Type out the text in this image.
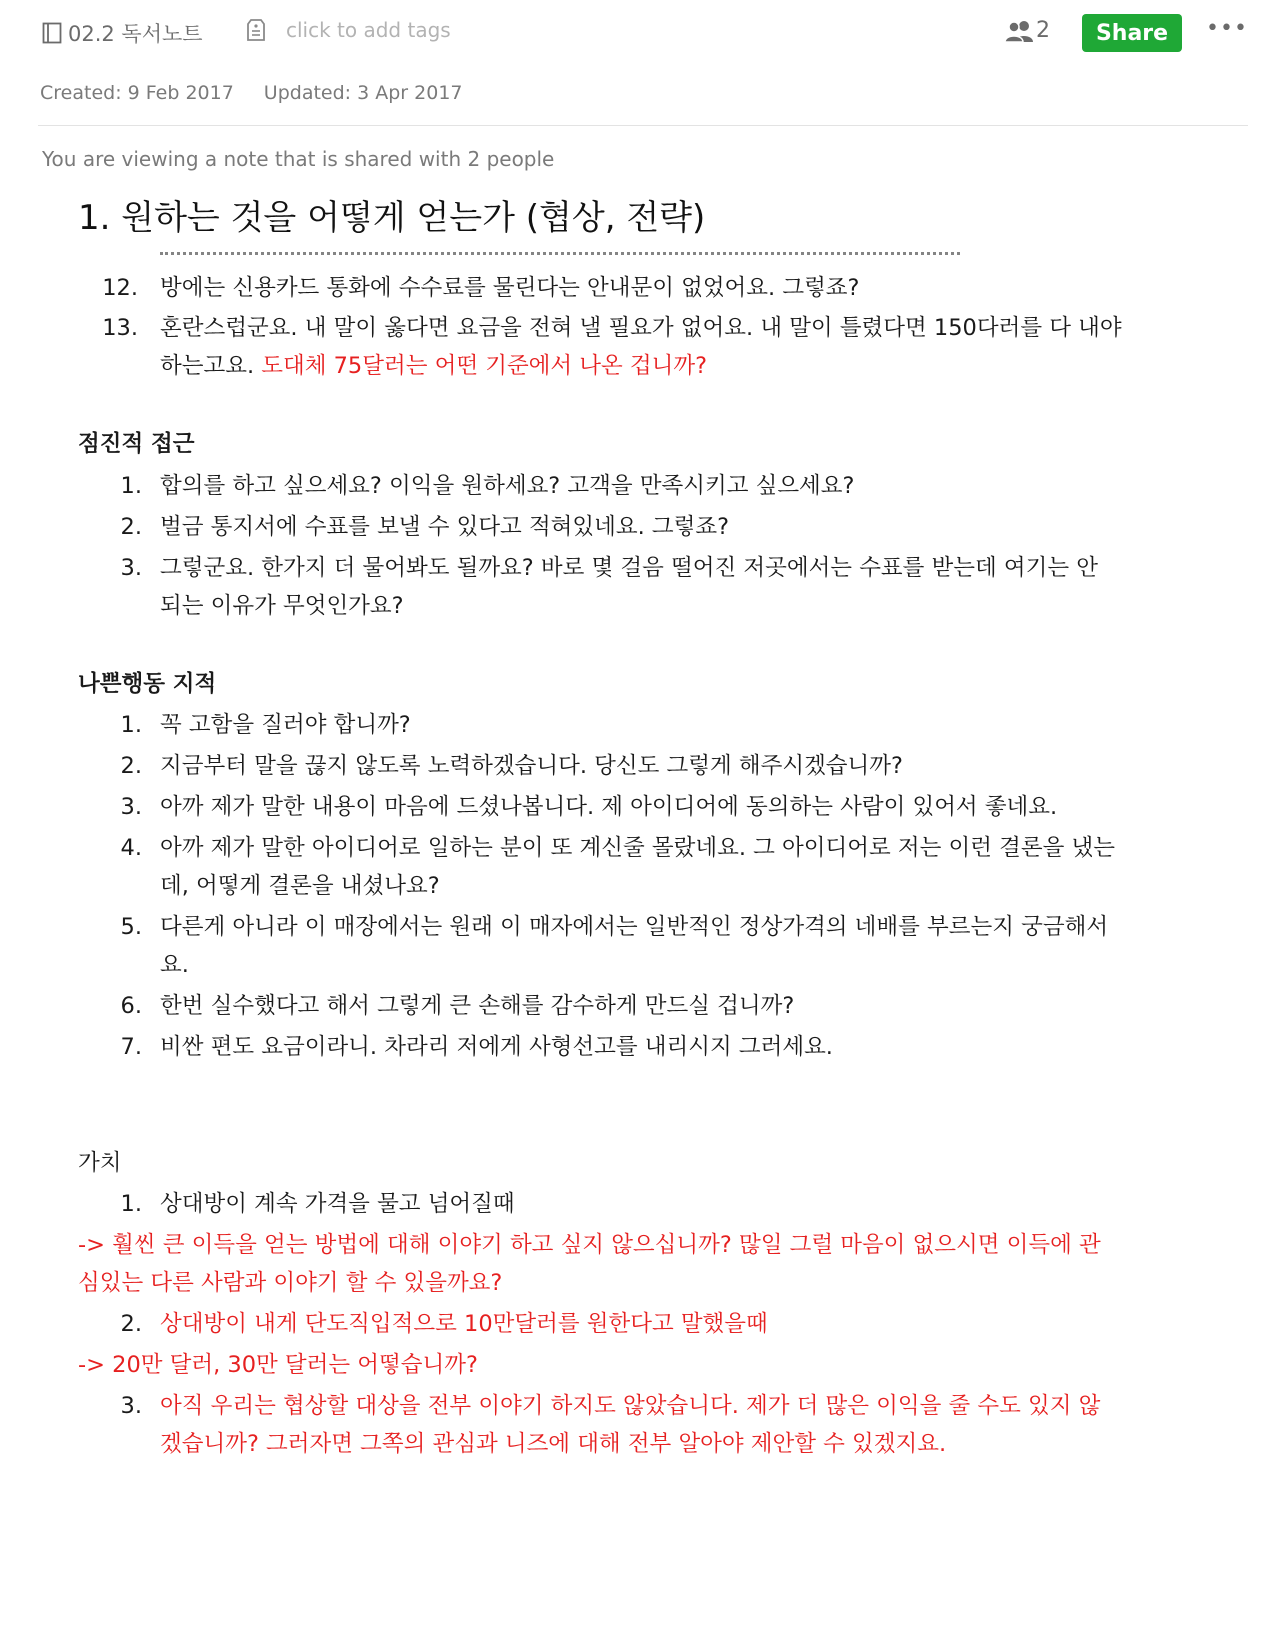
02.2 독서노트	click to add tags	2	Share	•••
Created: 9 Feb 2017 Updated: 3 Apr 2017
You are viewing a note that is shared with 2 people
1. 원하는 것을 어떻게 얻는가 (협상, 전략)
12. 방에는 신용카드 통화에 수수료를 물린다는 안내문이 없었어요. 그렇죠?
13. 혼란스럽군요. 내 말이 옳다면 요금을 전혀 낼 필요가 없어요. 내 말이 틀렸다면 150다러를 다 내야
하는고요. 도대체 75달러는 어떤 기준에서 나온 겁니까?
점진적 접근
1. 합의를 하고 싶으세요? 이익을 원하세요? 고객을 만족시키고 싶으세요?
2. 벌금 통지서에 수표를 보낼 수 있다고 적혀있네요. 그렇죠?
3. 그렇군요. 한가지 더 물어봐도 될까요? 바로 몇 걸음 떨어진 저곳에서는 수표를 받는데 여기는 안
되는 이유가 무엇인가요?
나쁜행동 지적
1. 꼭 고함을 질러야 합니까?
2. 지금부터 말을 끊지 않도록 노력하겠습니다. 당신도 그렇게 해주시겠습니까?
3. 아까 제가 말한 내용이 마음에 드셨나봅니다. 제 아이디어에 동의하는 사람이 있어서 좋네요.
4. 아까 제가 말한 아이디어로 일하는 분이 또 계신줄 몰랐네요. 그 아이디어로 저는 이런 결론을 냈는
데, 어떻게 결론을 내셨나요?
5. 다른게 아니라 이 매장에서는 원래 이 매자에서는 일반적인 정상가격의 네배를 부르는지 궁금해서
요.
6. 한번 실수했다고 해서 그렇게 큰 손해를 감수하게 만드실 겁니까?
7. 비싼 편도 요금이라니. 차라리 저에게 사형선고를 내리시지 그러세요.
가치
1. 상대방이 계속 가격을 물고 넘어질때
-> 훨씬 큰 이득을 얻는 방법에 대해 이야기 하고 싶지 않으십니까? 많일 그럴 마음이 없으시면 이득에 관
심있는 다른 사람과 이야기 할 수 있을까요?
2. 상대방이 내게 단도직입적으로 10만달러를 원한다고 말했을때
-> 20만 달러, 30만 달러는 어떻습니까?
3. 아직 우리는 협상할 대상을 전부 이야기 하지도 않았습니다. 제가 더 많은 이익을 줄 수도 있지 않
겠습니까? 그러자면 그쪽의 관심과 니즈에 대해 전부 알아야 제안할 수 있겠지요.
